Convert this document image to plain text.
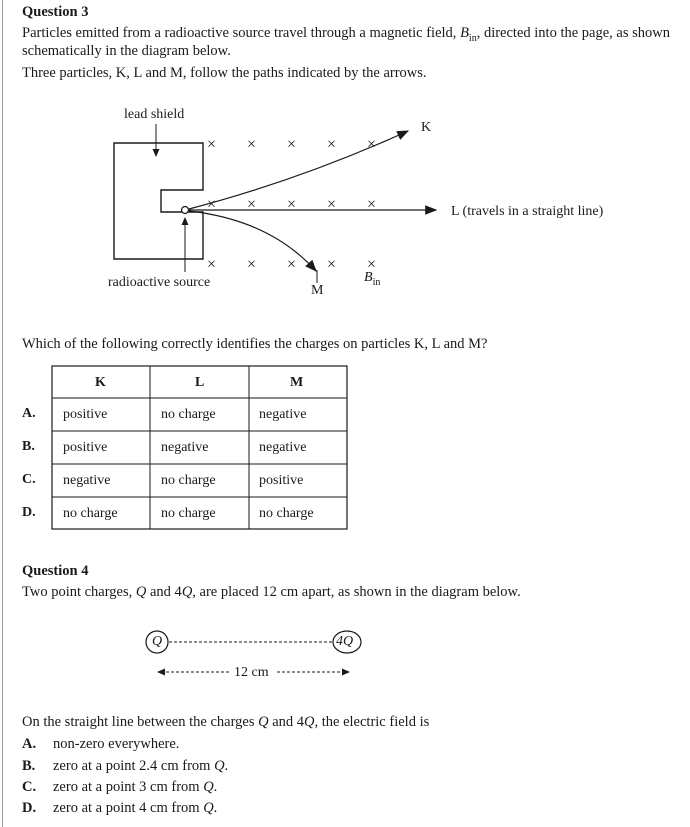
Question 3
Particles emitted from a radioactive source travel through a magnetic field, $B_{in}$, directed into the page, as shown
schematically in the diagram below.
Three particles, K, L and M, follow the paths indicated by the arrows.
× × × × ×
× × × × ×
× × × × ×
lead shield
radioactive source
K
L (travels in a straight line)
M
$B_{in}$
Which of the following correctly identifies the charges on particles K, L and M?
K	L	M
A. positive	no charge	negative
B. positive	negative	negative
C. negative	no charge	positive
D. no charge	no charge	no charge
Question 4
Two point charges, Q and 4Q, are placed 12 cm apart, as shown in the diagram below.
Q	4Q
12 cm
On the straight line between the charges Q and 4Q, the electric field is
A. non-zero everywhere.
B. zero at a point 2.4 cm from Q.
C. zero at a point 3 cm from Q.
D. zero at a point 4 cm from Q.
